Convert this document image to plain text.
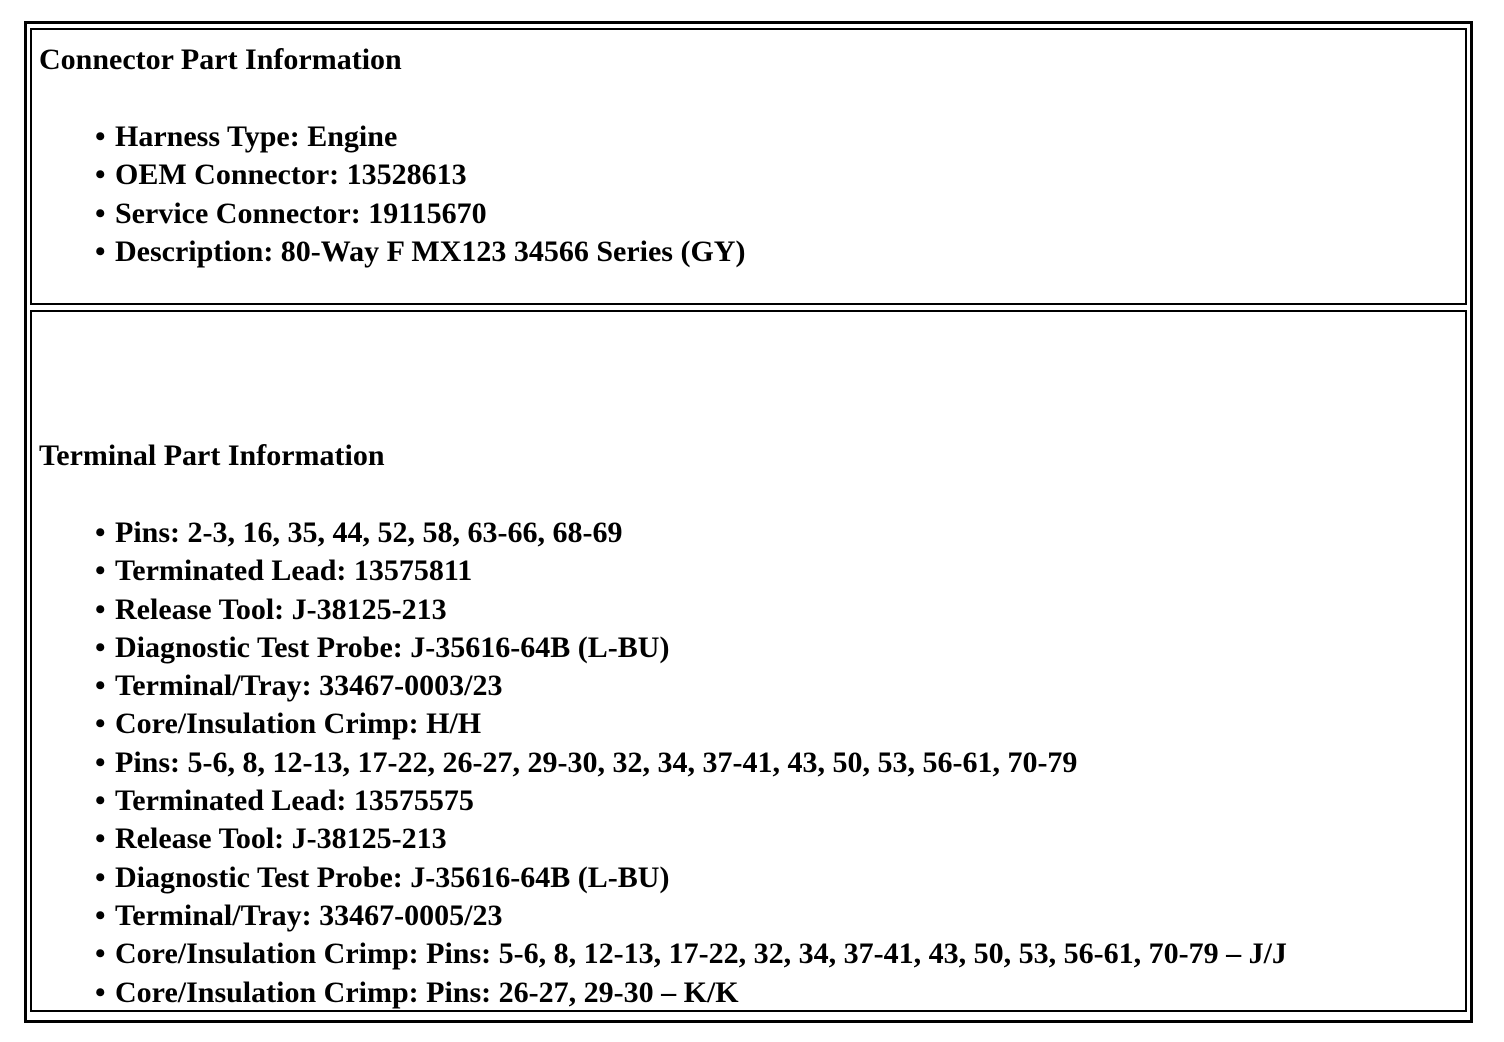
Connector Part Information
• Harness Type: Engine
• OEM Connector: 13528613
• Service Connector: 19115670
• Description: 80-Way F MX123 34566 Series (GY)
Terminal Part Information
• Pins: 2-3, 16, 35, 44, 52, 58, 63-66, 68-69
• Terminated Lead: 13575811
• Release Tool: J-38125-213
• Diagnostic Test Probe: J-35616-64B (L-BU)
• Terminal/Tray: 33467-0003/23
• Core/Insulation Crimp: H/H
• Pins: 5-6, 8, 12-13, 17-22, 26-27, 29-30, 32, 34, 37-41, 43, 50, 53, 56-61, 70-79
• Terminated Lead: 13575575
• Release Tool: J-38125-213
• Diagnostic Test Probe: J-35616-64B (L-BU)
• Terminal/Tray: 33467-0005/23
• Core/Insulation Crimp: Pins: 5-6, 8, 12-13, 17-22, 32, 34, 37-41, 43, 50, 53, 56-61, 70-79 – J/J
• Core/Insulation Crimp: Pins: 26-27, 29-30 – K/K
